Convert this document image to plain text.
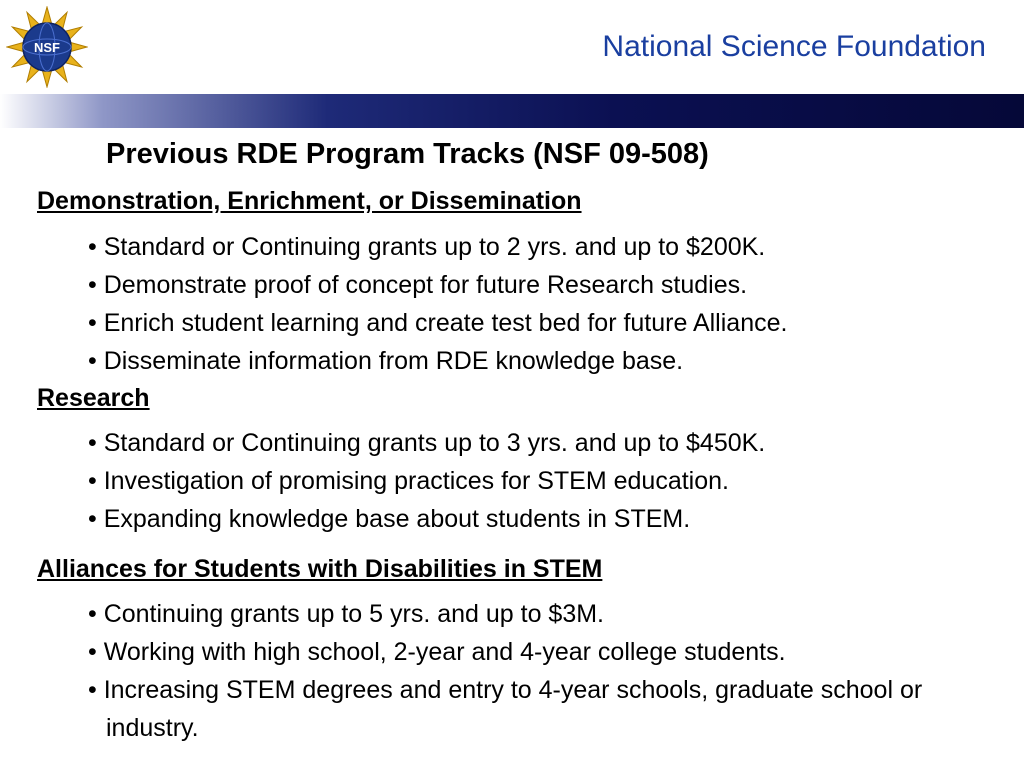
NSF	National Science Foundation
Previous RDE Program Tracks (NSF 09-508)
Demonstration, Enrichment, or Dissemination
• Standard or Continuing grants up to 2 yrs. and up to $200K.
• Demonstrate proof of concept for future Research studies.
• Enrich student learning and create test bed for future Alliance.
• Disseminate information from RDE knowledge base.
Research
• Standard or Continuing grants up to 3 yrs. and up to $450K.
• Investigation of promising practices for STEM education.
• Expanding knowledge base about students in STEM.
Alliances for Students with Disabilities in STEM
• Continuing grants up to 5 yrs. and up to $3M.
• Working with high school, 2-year and 4-year college students.
• Increasing STEM degrees and entry to 4-year schools, graduate school or industry.
